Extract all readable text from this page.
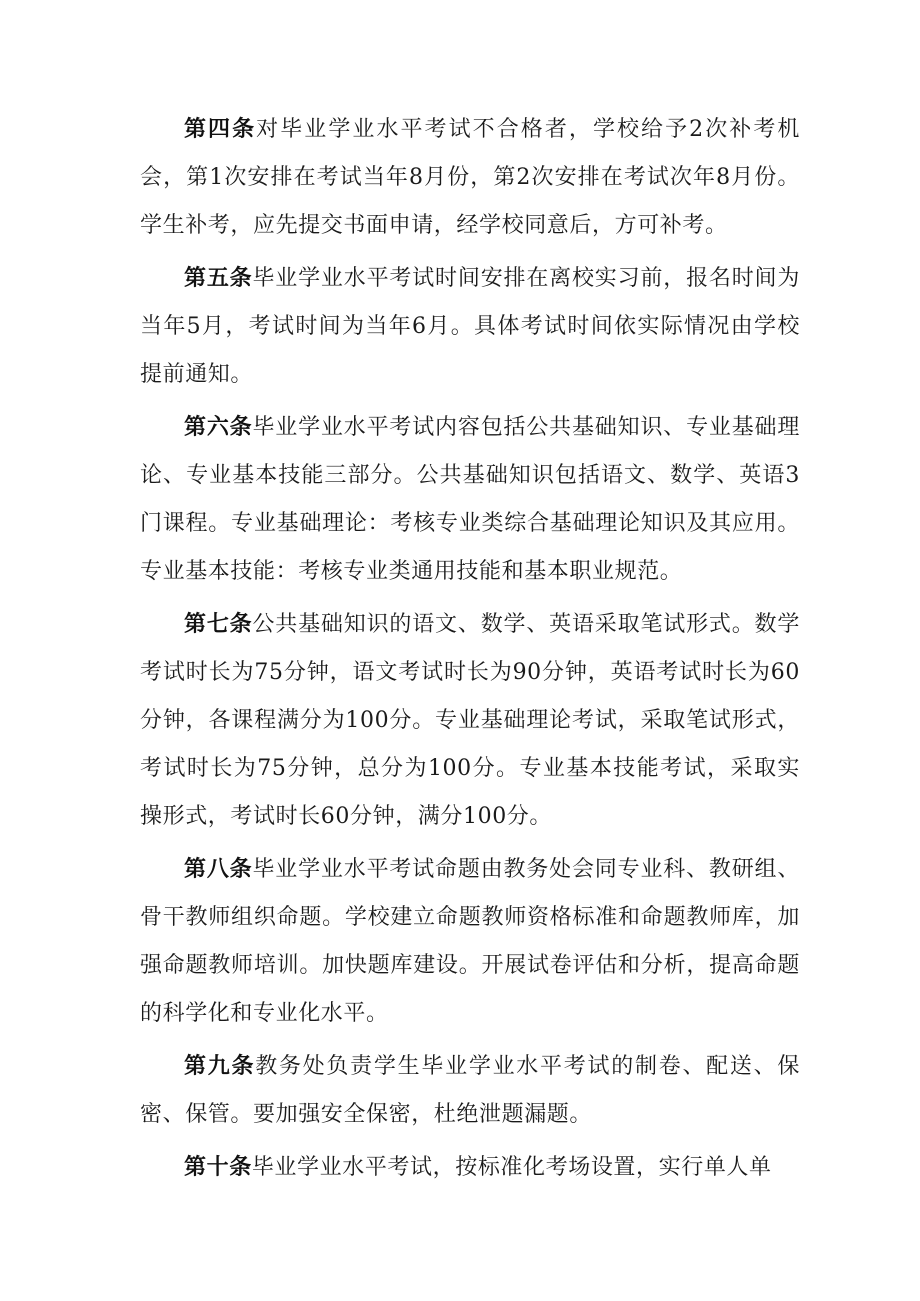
第四条对毕业学业水平考试不合格者，学校给予2次补考机会，第1次安排在考试当年8月份，第2次安排在考试次年8月份。学生补考，应先提交书面申请，经学校同意后，方可补考。

第五条毕业学业水平考试时间安排在离校实习前，报名时间为当年5月，考试时间为当年6月。具体考试时间依实际情况由学校提前通知。

第六条毕业学业水平考试内容包括公共基础知识、专业基础理论、专业基本技能三部分。公共基础知识包括语文、数学、英语3门课程。专业基础理论：考核专业类综合基础理论知识及其应用。专业基本技能：考核专业类通用技能和基本职业规范。

第七条公共基础知识的语文、数学、英语采取笔试形式。数学考试时长为75分钟，语文考试时长为90分钟，英语考试时长为60分钟，各课程满分为100分。专业基础理论考试，采取笔试形式，考试时长为75分钟，总分为100分。专业基本技能考试，采取实操形式，考试时长60分钟，满分100分。

第八条毕业学业水平考试命题由教务处会同专业科、教研组、骨干教师组织命题。学校建立命题教师资格标准和命题教师库，加强命题教师培训。加快题库建设。开展试卷评估和分析，提高命题的科学化和专业化水平。

第九条教务处负责学生毕业学业水平考试的制卷、配送、保密、保管。要加强安全保密，杜绝泄题漏题。

第十条毕业学业水平考试，按标准化考场设置，实行单人单
